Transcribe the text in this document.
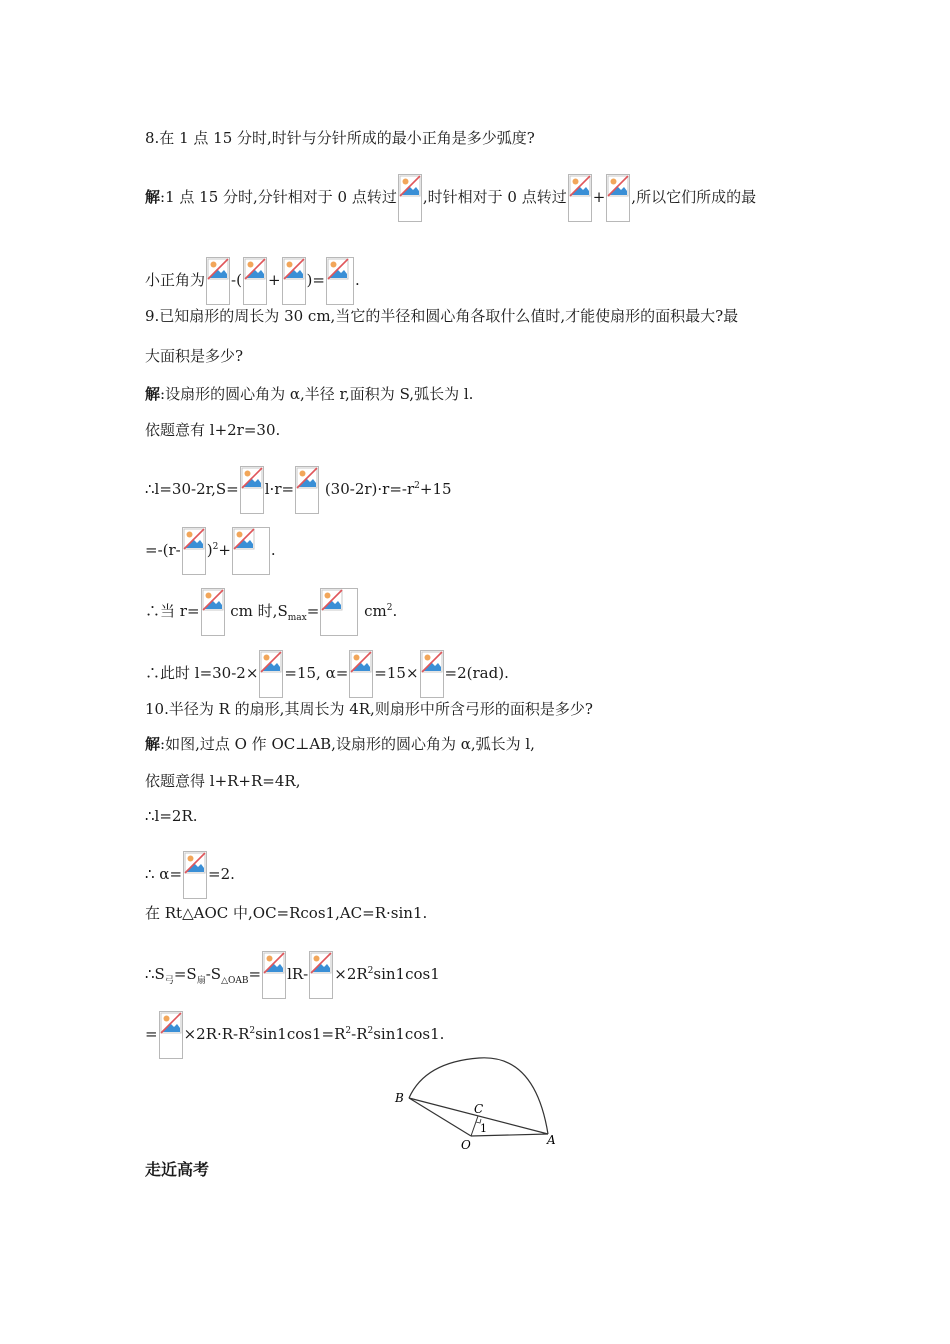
8.在 1 点 15 分时,时针与分针所成的最小正角是多少弧度?
解:1 点 15 分时,分针相对于 0 点转过 ,时针相对于 0 点转过 + ,所以它们所成的最
小正角为 -( + )= .
9.已知扇形的周长为 30 cm,当它的半径和圆心角各取什么值时,才能使扇形的面积最大?最
大面积是多少?
解:设扇形的圆心角为 α,半径 r,面积为 S,弧长为 l.
依题意有 l+2r=30.
∴l=30-2r,S= l·r=
$(30-2r)\cdot r=-r^2+15$
=-(r- )$^2$+	.
∴当 r=
cm 时$,S_{max}=$	$cm^2$.
∴此时 l=30-2× =15, α= =15× =2(rad).
10.半径为 R 的扇形,其周长为 4R,则扇形中所含弓形的面积是多少?
解:如图,过点 O 作 OC⊥AB,设扇形的圆心角为 α,弧长为 l,
依题意得 l+R+R=4R,
∴l=2R.
∴ α= =2.
在 Rt△AOC 中,OC=Rcos1,AC=R·sin1.
$\therefore S_弓=S_扇-S_{\triangle OAB}= lR- \times 2R^2\sin 1\cos 1$
= $\times 2R\cdot R-R^2\sin 1\cos 1=R^2-R^2\sin 1\cos 1$.
B
C
1
O	A
走近高考
